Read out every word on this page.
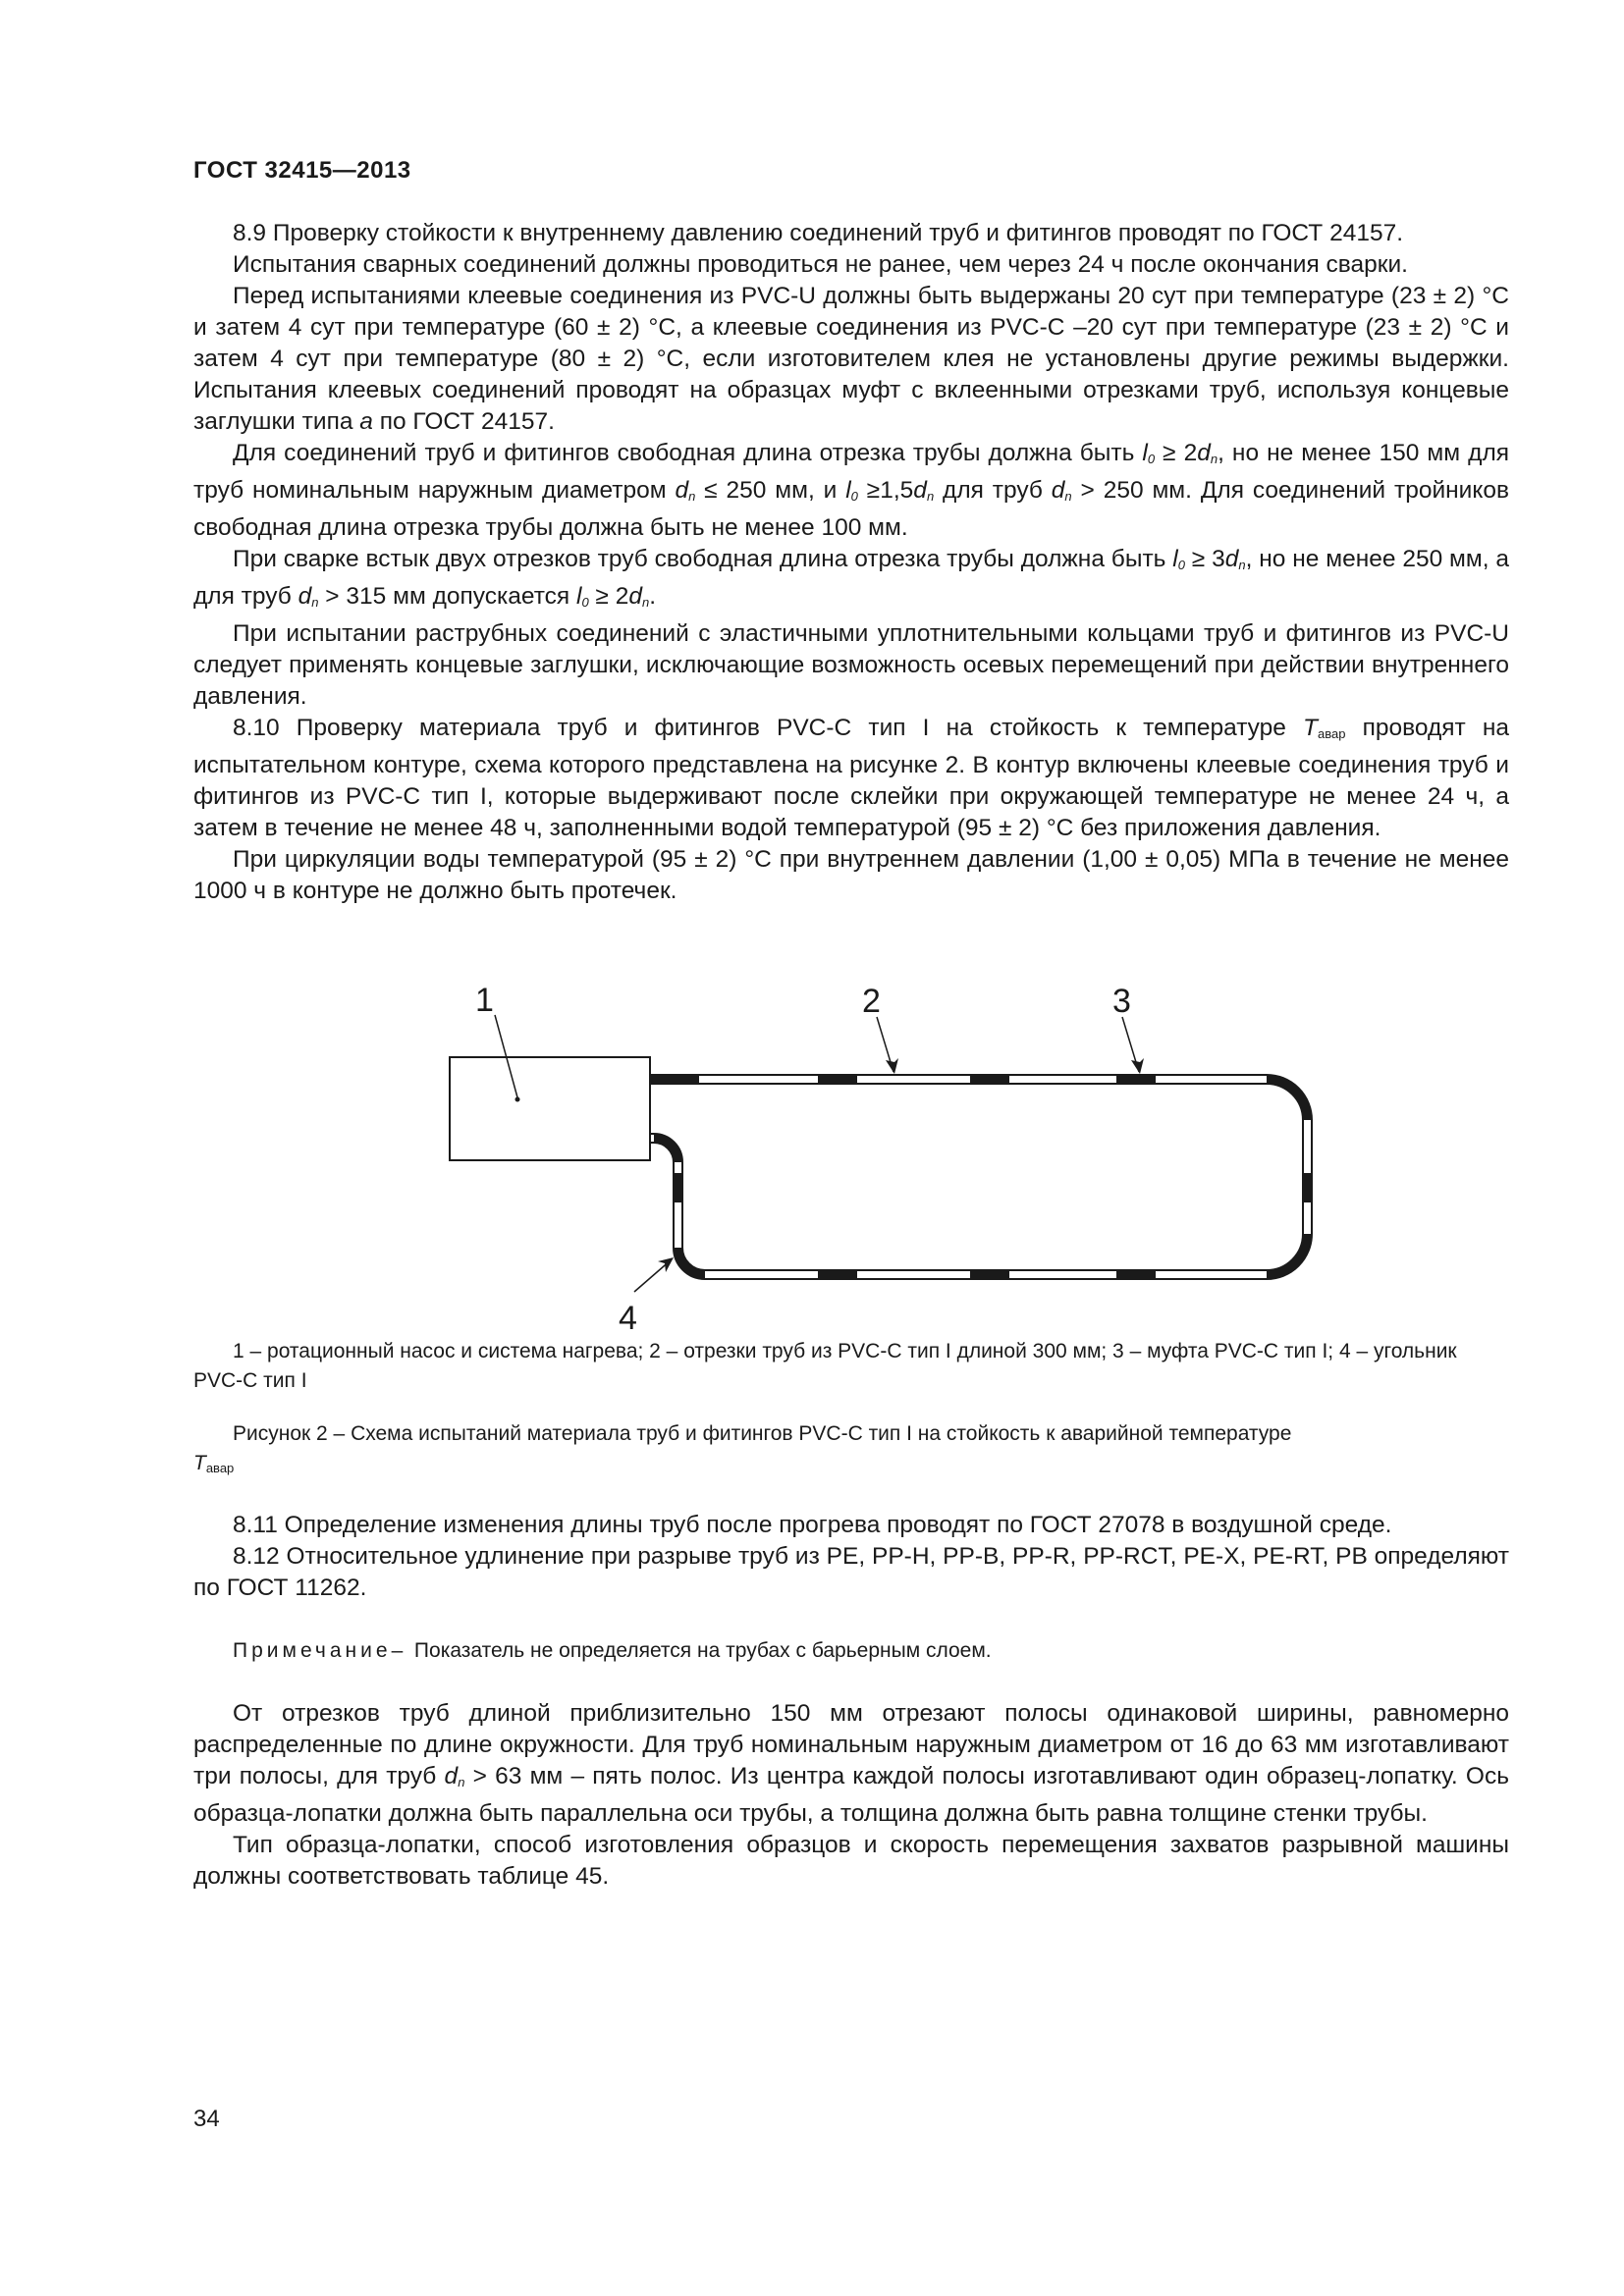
ГОСТ 32415—2013

8.9 Проверку стойкости к внутреннему давлению соединений труб и фитингов проводят по ГОСТ 24157.

Испытания сварных соединений должны проводиться не ранее, чем через 24 ч после окончания сварки.

Перед испытаниями клеевые соединения из PVC-U должны быть выдержаны 20 сут при температуре (23 ± 2) °С и затем 4 сут при температуре (60 ± 2) °С, а клеевые соединения из PVC-C –20 сут при температуре (23 ± 2) °С и затем 4 сут при температуре (80 ± 2) °С, если изготовителем клея не установлены другие режимы выдержки. Испытания клеевых соединений проводят на образцах муфт с вклеенными отрезками труб, используя концевые заглушки типа а по ГОСТ 24157.

Для соединений труб и фитингов свободная длина отрезка трубы должна быть $l_0 \ge 2d_n$, но не менее 150 мм для труб номинальным наружным диаметром $d_n \le 250$ мм, и $l_0 \ge 1,5d_n$ для труб $d_n > 250$ мм. Для соединений тройников свободная длина отрезка трубы должна быть не менее 100 мм.

При сварке встык двух отрезков труб свободная длина отрезка трубы должна быть $l_0 \ge 3d_n$, но не менее 250 мм, а для труб $d_n > 315$ мм допускается $l_0 \ge 2d_n$.

При испытании раструбных соединений с эластичными уплотнительными кольцами труб и фитингов из PVC-U следует применять концевые заглушки, исключающие возможность осевых перемещений при действии внутреннего давления.

8.10 Проверку материала труб и фитингов PVC-C тип I на стойкость к температуре $T_{авар}$ проводят на испытательном контуре, схема которого представлена на рисунке 2. В контур включены клеевые соединения труб и фитингов из PVC-C тип I, которые выдерживают после склейки при окружающей температуре не менее 24 ч, а затем в течение не менее 48 ч, заполненными водой температурой (95 ± 2) °С без приложения давления.

При циркуляции воды температурой (95 ± 2) °С при внутреннем давлении (1,00 ± 0,05) МПа в течение не менее 1000 ч в контуре не должно быть протечек.

1	2	3
4

1 – ротационный насос и система нагрева; 2 – отрезки труб из PVC-C тип I длиной 300 мм; 3 – муфта PVC-C тип I; 4 – угольник PVC-C тип I

Рисунок 2 – Схема испытаний материала труб и фитингов PVC-C тип I на стойкость к аварийной температуре

$T_{авар}$

8.11 Определение изменения длины труб после прогрева проводят по ГОСТ 27078 в воздушной среде.

8.12 Относительное удлинение при разрыве труб из PE, PP-H, PP-B, PP-R, PP-RCT, PE-X, PE-RT, PB определяют по ГОСТ 11262.

Примечание– Показатель не определяется на трубах с барьерным слоем.

От отрезков труб длиной приблизительно 150 мм отрезают полосы одинаковой ширины, равномерно распределенные по длине окружности. Для труб номинальным наружным диаметром от 16 до 63 мм изготавливают три полосы, для труб $d_n > 63$ мм – пять полос. Из центра каждой полосы изготавливают один образец-лопатку. Ось образца-лопатки должна быть параллельна оси трубы, а толщина должна быть равна толщине стенки трубы.

Тип образца-лопатки, способ изготовления образцов и скорость перемещения захватов разрывной машины должны соответствовать таблице 45.

34
